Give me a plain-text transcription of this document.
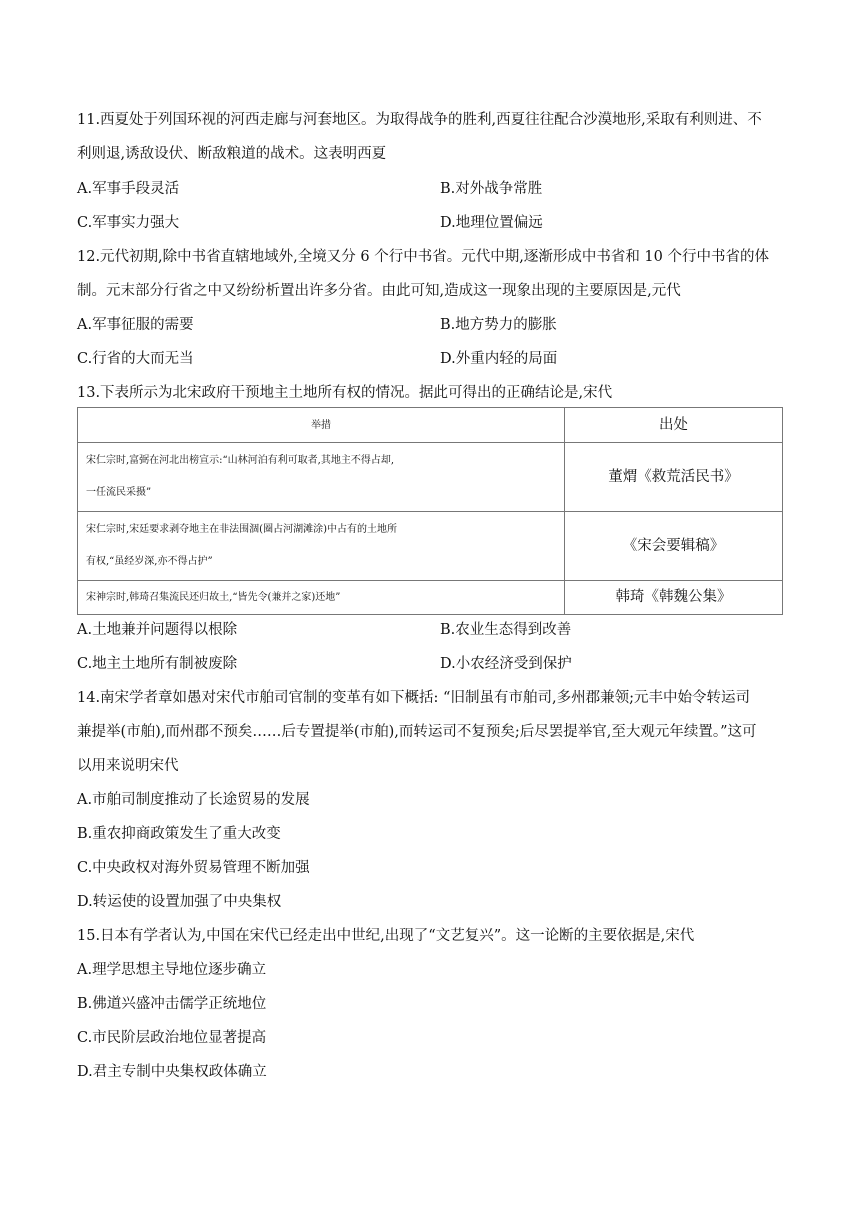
11.西夏处于列国环视的河西走廊与河套地区。为取得战争的胜利,西夏往往配合沙漠地形,采取有利则进、不
利则退,诱敌设伏、断敌粮道的战术。这表明西夏
A.军事手段灵活	B.对外战争常胜
C.军事实力强大	D.地理位置偏远
12.元代初期,除中书省直辖地域外,全境又分 6 个行中书省。元代中期,逐渐形成中书省和 10 个行中书省的体
制。元末部分行省之中又纷纷析置出许多分省。由此可知,造成这一现象出现的主要原因是,元代
A.军事征服的需要	B.地方势力的膨胀
C.行省的大而无当	D.外重内轻的局面
13.下表所示为北宋政府干预地主土地所有权的情况。据此可得出的正确结论是,宋代
举措	出处

宋仁宗时,富弼在河北出榜宣示:“山林河泊有利可取者,其地主不得占却,
一任流民采摄”	董煟《救荒活民书》

宋仁宗时,宋廷要求剥夺地主在非法围涸(圈占河湖滩涂)中占有的土地所
有权,“虽经岁深,亦不得占护”	《宋会要辑稿》
宋神宗时,韩琦召集流民还归故土,“皆先令(兼并之家)还地”	韩琦《韩魏公集》
A.土地兼并问题得以根除	B.农业生态得到改善
C.地主土地所有制被废除	D.小农经济受到保护
14.南宋学者章如愚对宋代市舶司官制的变革有如下概括: “旧制虽有市舶司,多州郡兼领;元丰中始令转运司
兼提举(市舶),而州郡不预矣……后专置提举(市舶),而转运司不复预矣;后尽罢提举官,至大观元年续置。”这可
以用来说明宋代
A.市舶司制度推动了长途贸易的发展
B.重农抑商政策发生了重大改变
C.中央政权对海外贸易管理不断加强
D.转运使的设置加强了中央集权
15.日本有学者认为,中国在宋代已经走出中世纪,出现了“文艺复兴”。这一论断的主要依据是,宋代
A.理学思想主导地位逐步确立
B.佛道兴盛冲击儒学正统地位
C.市民阶层政治地位显著提高
D.君主专制中央集权政体确立
